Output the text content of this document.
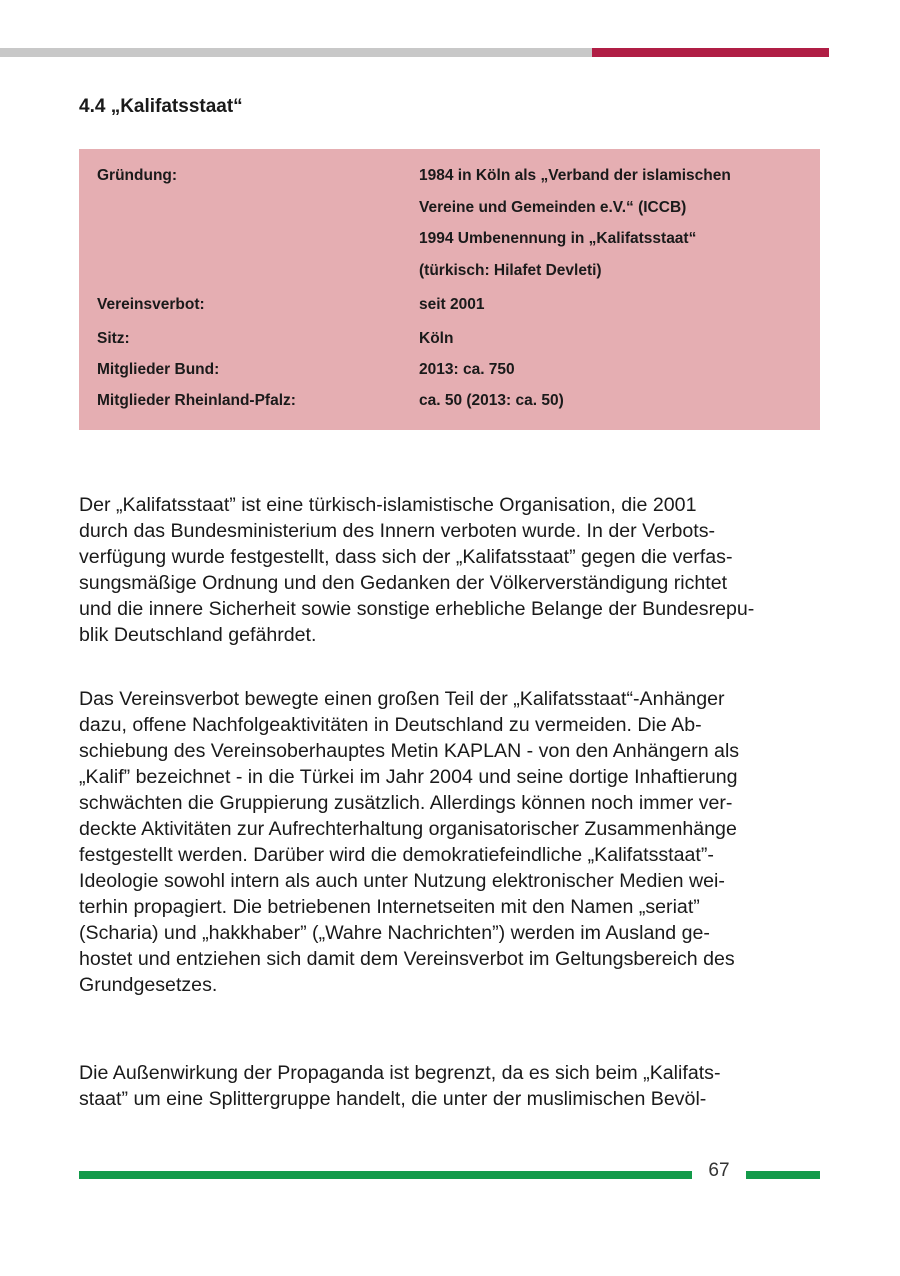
4.4 „Kalifatsstaat“
Gründung:	1984 in Köln als „Verband der islamischen
Vereine und Gemeinden e.V.“ (ICCB)
1994 Umbenennung in „Kalifatsstaat“
(türkisch: Hilafet Devleti)
Vereinsverbot:	seit 2001
Sitz:	Köln
Mitglieder Bund:	2013: ca. 750
Mitglieder Rheinland-Pfalz:	ca. 50 (2013: ca. 50)

Der „Kalifatsstaat” ist eine türkisch-islamistische Organisation, die 2001
durch das Bundesministerium des Innern verboten wurde. In der Verbots-
verfügung wurde festgestellt, dass sich der „Kalifatsstaat” gegen die verfas-
sungsmäßige Ordnung und den Gedanken der Völkerverständigung richtet
und die innere Sicherheit sowie sonstige erhebliche Belange der Bundesrepu-
blik Deutschland gefährdet.

Das Vereinsverbot bewegte einen großen Teil der „Kalifatsstaat“-Anhänger
dazu, offene Nachfolgeaktivitäten in Deutschland zu vermeiden. Die Ab-
schiebung des Vereinsoberhauptes Metin KAPLAN - von den Anhängern als
„Kalif” bezeichnet - in die Türkei im Jahr 2004 und seine dortige Inhaftierung
schwächten die Gruppierung zusätzlich. Allerdings können noch immer ver-
deckte Aktivitäten zur Aufrechterhaltung organisatorischer Zusammenhänge
festgestellt werden. Darüber wird die demokratiefeindliche „Kalifatsstaat”-
Ideologie sowohl intern als auch unter Nutzung elektronischer Medien wei-
terhin propagiert. Die betriebenen Internetseiten mit den Namen „seriat”
(Scharia) und „hakkhaber” („Wahre Nachrichten”) werden im Ausland ge-
hostet und entziehen sich damit dem Vereinsverbot im Geltungsbereich des
Grundgesetzes.

Die Außenwirkung der Propaganda ist begrenzt, da es sich beim „Kalifats-
staat” um eine Splittergruppe handelt, die unter der muslimischen Bevöl-

67
